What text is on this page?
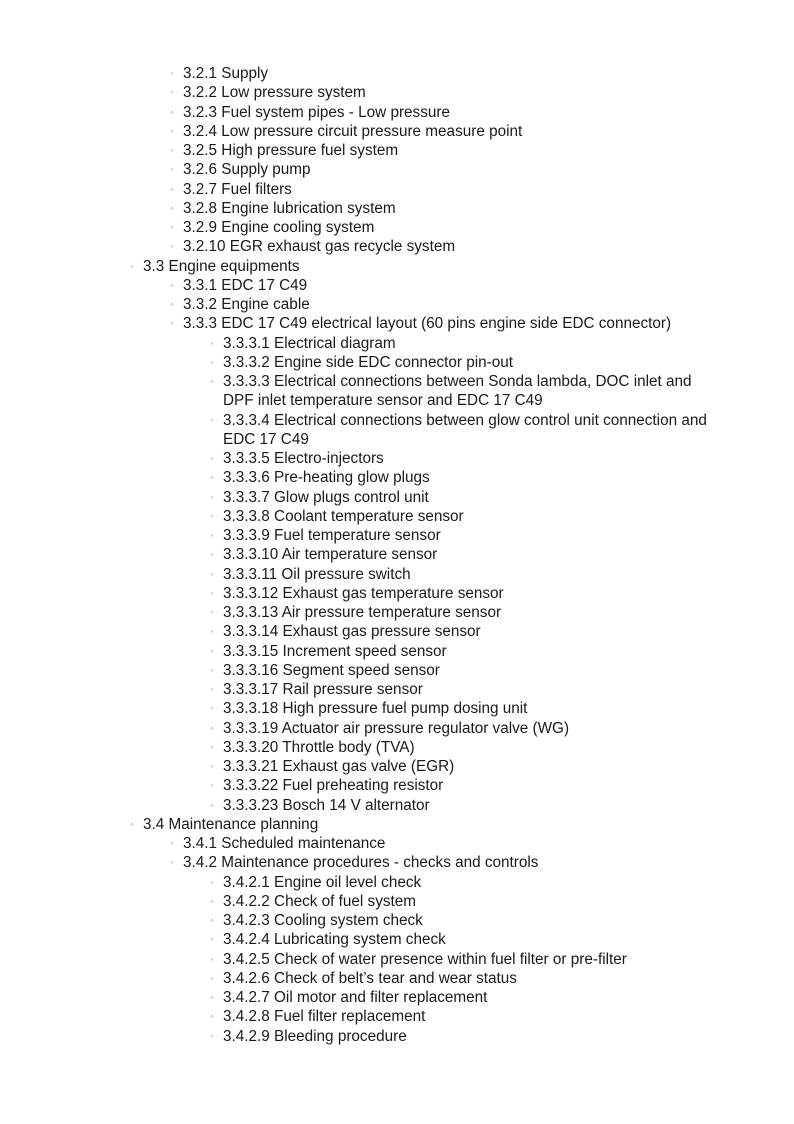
◦ 3.2.1 Supply
◦ 3.2.2 Low pressure system
◦ 3.2.3 Fuel system pipes - Low pressure
◦ 3.2.4 Low pressure circuit pressure measure point
◦ 3.2.5 High pressure fuel system
◦ 3.2.6 Supply pump
◦ 3.2.7 Fuel filters
◦ 3.2.8 Engine lubrication system
◦ 3.2.9 Engine cooling system
◦ 3.2.10 EGR exhaust gas recycle system
◦ 3.3 Engine equipments
◦ 3.3.1 EDC 17 C49
◦ 3.3.2 Engine cable
◦ 3.3.3 EDC 17 C49 electrical layout (60 pins engine side EDC connector)
◦ 3.3.3.1 Electrical diagram
◦ 3.3.3.2 Engine side EDC connector pin-out
◦ 3.3.3.3 Electrical connections between Sonda lambda, DOC inlet and DPF inlet temperature sensor and EDC 17 C49
◦ 3.3.3.4 Electrical connections between glow control unit connection and EDC 17 C49
◦ 3.3.3.5 Electro-injectors
◦ 3.3.3.6 Pre-heating glow plugs
◦ 3.3.3.7 Glow plugs control unit
◦ 3.3.3.8 Coolant temperature sensor
◦ 3.3.3.9 Fuel temperature sensor
◦ 3.3.3.10 Air temperature sensor
◦ 3.3.3.11 Oil pressure switch
◦ 3.3.3.12 Exhaust gas temperature sensor
◦ 3.3.3.13 Air pressure temperature sensor
◦ 3.3.3.14 Exhaust gas pressure sensor
◦ 3.3.3.15 Increment speed sensor
◦ 3.3.3.16 Segment speed sensor
◦ 3.3.3.17 Rail pressure sensor
◦ 3.3.3.18 High pressure fuel pump dosing unit
◦ 3.3.3.19 Actuator air pressure regulator valve (WG)
◦ 3.3.3.20 Throttle body (TVA)
◦ 3.3.3.21 Exhaust gas valve (EGR)
◦ 3.3.3.22 Fuel preheating resistor
◦ 3.3.3.23 Bosch 14 V alternator
◦ 3.4 Maintenance planning
◦ 3.4.1 Scheduled maintenance
◦ 3.4.2 Maintenance procedures - checks and controls
◦ 3.4.2.1 Engine oil level check
◦ 3.4.2.2 Check of fuel system
◦ 3.4.2.3 Cooling system check
◦ 3.4.2.4 Lubricating system check
◦ 3.4.2.5 Check of water presence within fuel filter or pre-filter
◦ 3.4.2.6 Check of belt’s tear and wear status
◦ 3.4.2.7 Oil motor and filter replacement
◦ 3.4.2.8 Fuel filter replacement
◦ 3.4.2.9 Bleeding procedure
